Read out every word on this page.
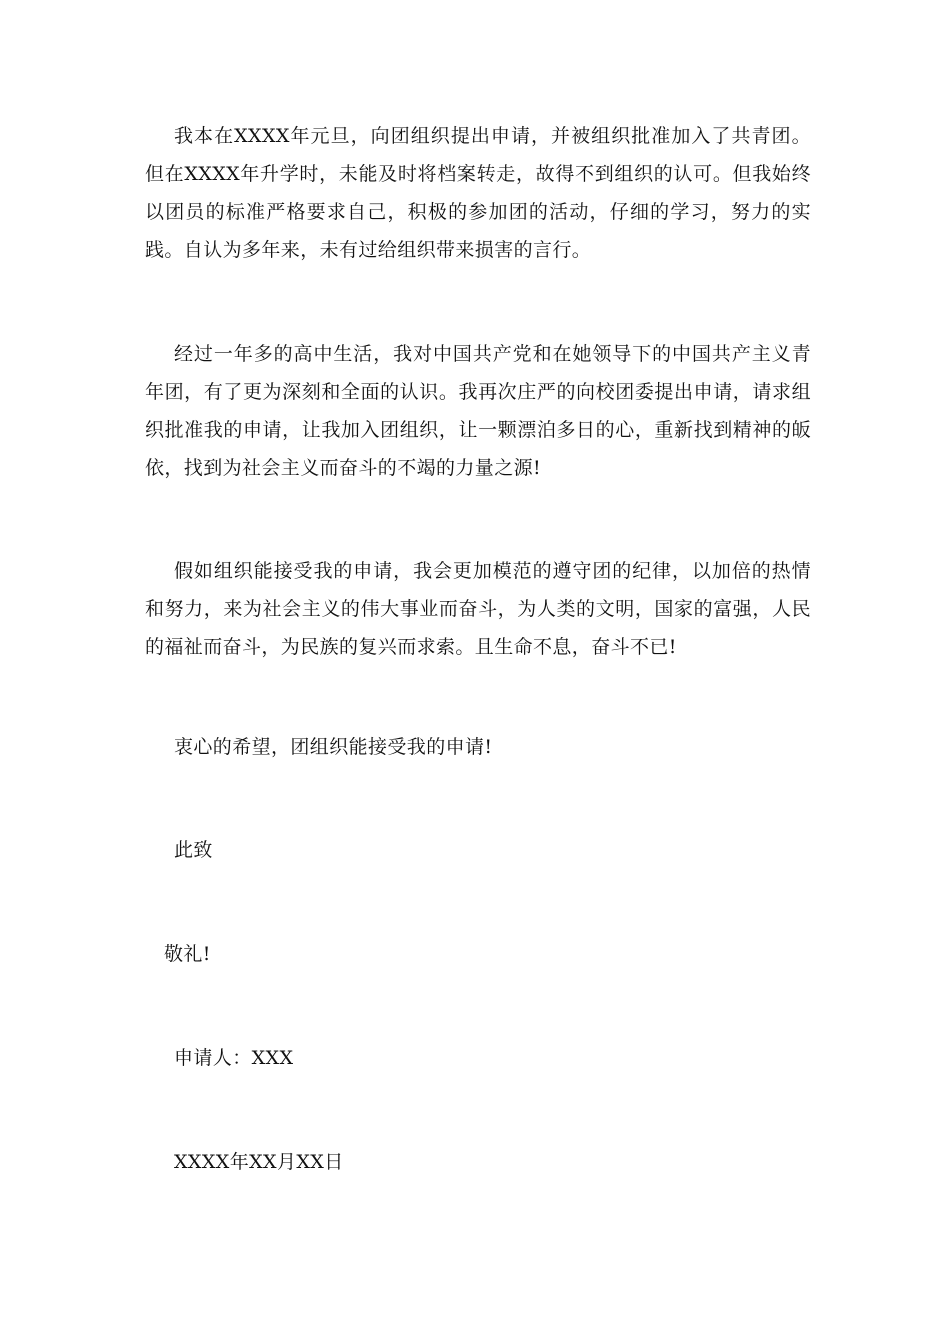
我本在XXXX年元旦，向团组织提出申请，并被组织批准加入了共青团。但在XXXX年升学时，未能及时将档案转走，故得不到组织的认可。但我始终以团员的标准严格要求自己，积极的参加团的活动，仔细的学习，努力的实践。自认为多年来，未有过给组织带来损害的言行。

经过一年多的高中生活，我对中国共产党和在她领导下的中国共产主义青年团，有了更为深刻和全面的认识。我再次庄严的向校团委提出申请，请求组织批准我的申请，让我加入团组织，让一颗漂泊多日的心，重新找到精神的皈依，找到为社会主义而奋斗的不竭的力量之源!

假如组织能接受我的申请，我会更加模范的遵守团的纪律，以加倍的热情和努力，来为社会主义的伟大事业而奋斗，为人类的文明，国家的富强，人民的福祉而奋斗，为民族的复兴而求索。且生命不息，奋斗不已!

衷心的希望，团组织能接受我的申请!

此致

敬礼!

申请人：XXX

XXXX年XX月XX日
